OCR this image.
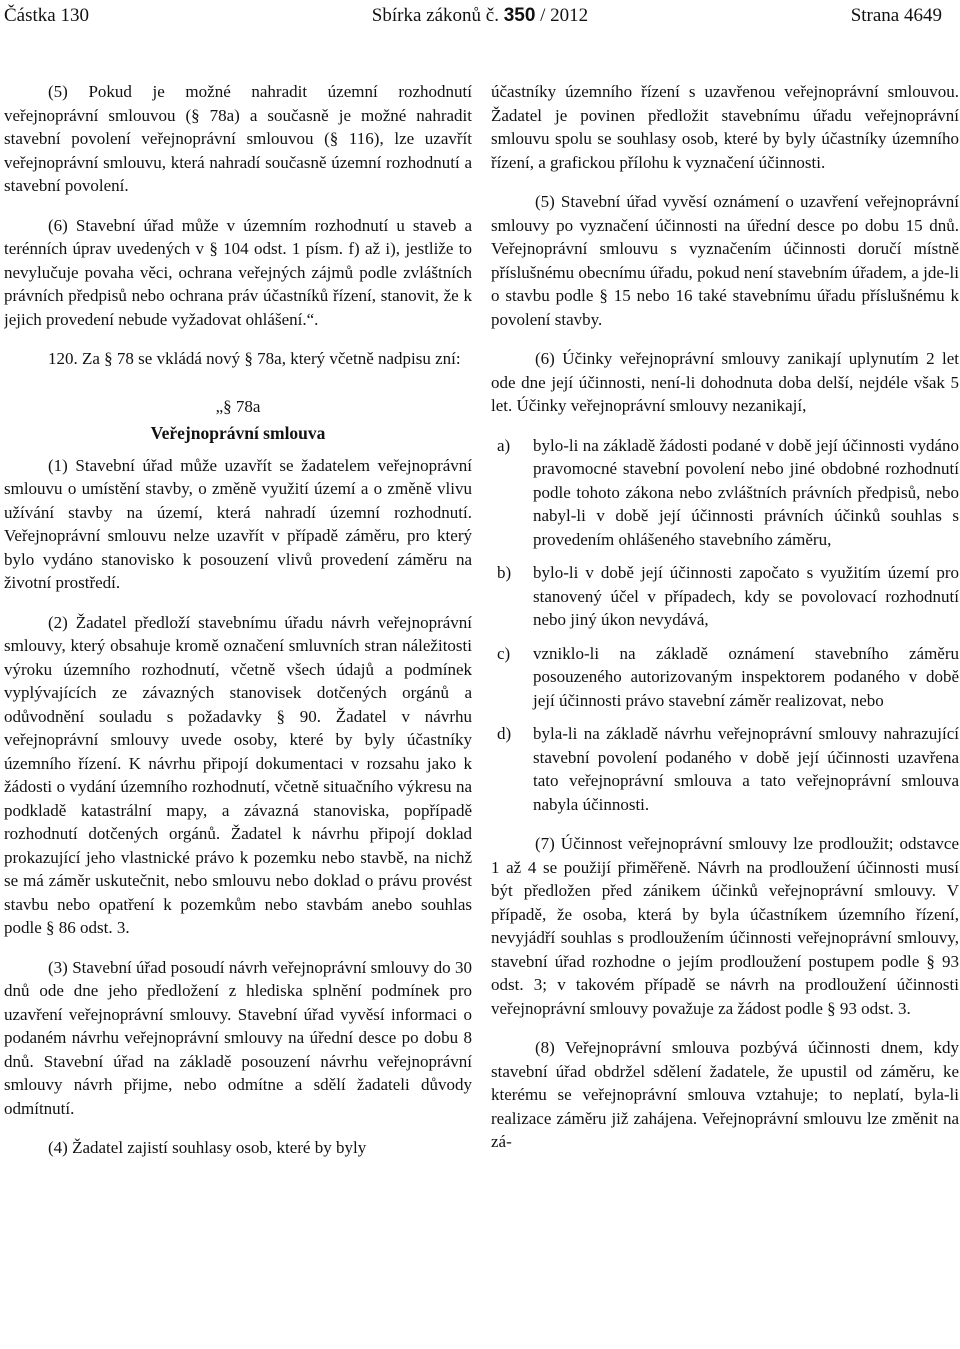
Částka 130	Sbírka zákonů č. 350 / 2012	Strana 4649

(5) Pokud je možné nahradit územní rozhodnutí veřejnoprávní smlouvou (§ 78a) a současně je možné nahradit stavební povolení veřejnoprávní smlouvou (§ 116), lze uzavřít veřejnoprávní smlouvu, která nahradí současně územní rozhodnutí a stavební povolení.

(6) Stavební úřad může v územním rozhodnutí u staveb a terénních úprav uvedených v § 104 odst. 1 písm. f) až i), jestliže to nevylučuje povaha věci, ochrana veřejných zájmů podle zvláštních právních předpisů nebo ochrana práv účastníků řízení, stanovit, že k jejich provedení nebude vyžadovat ohlášení.“.

120. Za § 78 se vkládá nový § 78a, který včetně nadpisu zní:

„§ 78a

Veřejnoprávní smlouva

(1) Stavební úřad může uzavřít se žadatelem veřejnoprávní smlouvu o umístění stavby, o změně využití území a o změně vlivu užívání stavby na území, která nahradí územní rozhodnutí. Veřejnoprávní smlouvu nelze uzavřít v případě záměru, pro který bylo vydáno stanovisko k posouzení vlivů provedení záměru na životní prostředí.

(2) Žadatel předloží stavebnímu úřadu návrh veřejnoprávní smlouvy, který obsahuje kromě označení smluvních stran náležitosti výroku územního rozhodnutí, včetně všech údajů a podmínek vyplývajících ze závazných stanovisek dotčených orgánů a odůvodnění souladu s požadavky § 90. Žadatel v návrhu veřejnoprávní smlouvy uvede osoby, které by byly účastníky územního řízení. K návrhu připojí dokumentaci v rozsahu jako k žádosti o vydání územního rozhodnutí, včetně situačního výkresu na podkladě katastrální mapy, a závazná stanoviska, popřípadě rozhodnutí dotčených orgánů. Žadatel k návrhu připojí doklad prokazující jeho vlastnické právo k pozemku nebo stavbě, na nichž se má záměr uskutečnit, nebo smlouvu nebo doklad o právu provést stavbu nebo opatření k pozemkům nebo stavbám anebo souhlas podle § 86 odst. 3.

(3) Stavební úřad posoudí návrh veřejnoprávní smlouvy do 30 dnů ode dne jeho předložení z hlediska splnění podmínek pro uzavření veřejnoprávní smlouvy. Stavební úřad vyvěsí informaci o podaném návrhu veřejnoprávní smlouvy na úřední desce po dobu 8 dnů. Stavební úřad na základě posouzení návrhu veřejnoprávní smlouvy návrh přijme, nebo odmítne a sdělí žadateli důvody odmítnutí.

(4) Žadatel zajistí souhlasy osob, které by byly

účastníky územního řízení s uzavřenou veřejnoprávní smlouvou. Žadatel je povinen předložit stavebnímu úřadu veřejnoprávní smlouvu spolu se souhlasy osob, které by byly účastníky územního řízení, a grafickou přílohu k vyznačení účinnosti.

(5) Stavební úřad vyvěsí oznámení o uzavření veřejnoprávní smlouvy po vyznačení účinnosti na úřední desce po dobu 15 dnů. Veřejnoprávní smlouvu s vyznačením účinnosti doručí místně příslušnému obecnímu úřadu, pokud není stavebním úřadem, a jde-li o stavbu podle § 15 nebo 16 také stavebnímu úřadu příslušnému k povolení stavby.

(6) Účinky veřejnoprávní smlouvy zanikají uplynutím 2 let ode dne její účinnosti, není-li dohodnuta doba delší, nejdéle však 5 let. Účinky veřejnoprávní smlouvy nezanikají,

a)	bylo-li na základě žádosti podané v době její účinnosti vydáno pravomocné stavební povolení nebo jiné obdobné rozhodnutí podle tohoto zákona nebo zvláštních právních předpisů, nebo nabyl-li v době její účinnosti právních účinků souhlas s provedením ohlášeného stavebního záměru,
b)	bylo-li v době její účinnosti započato s využitím území pro stanovený účel v případech, kdy se povolovací rozhodnutí nebo jiný úkon nevydává,
c)	vzniklo-li na základě oznámení stavebního záměru posouzeného autorizovaným inspektorem podaného v době její účinnosti právo stavební záměr realizovat, nebo
d)	byla-li na základě návrhu veřejnoprávní smlouvy nahrazující stavební povolení podaného v době její účinnosti uzavřena tato veřejnoprávní smlouva a tato veřejnoprávní smlouva nabyla účinnosti.

(7) Účinnost veřejnoprávní smlouvy lze prodloužit; odstavce 1 až 4 se použijí přiměřeně. Návrh na prodloužení účinnosti musí být předložen před zánikem účinků veřejnoprávní smlouvy. V případě, že osoba, která by byla účastníkem územního řízení, nevyjádří souhlas s prodloužením účinnosti veřejnoprávní smlouvy, stavební úřad rozhodne o jejím prodloužení postupem podle § 93 odst. 3; v takovém případě se návrh na prodloužení účinnosti veřejnoprávní smlouvy považuje za žádost podle § 93 odst. 3.

(8) Veřejnoprávní smlouva pozbývá účinnosti dnem, kdy stavební úřad obdržel sdělení žadatele, že upustil od záměru, ke kterému se veřejnoprávní smlouva vztahuje; to neplatí, byla-li realizace záměru již zahájena. Veřejnoprávní smlouvu lze změnit na zá-
